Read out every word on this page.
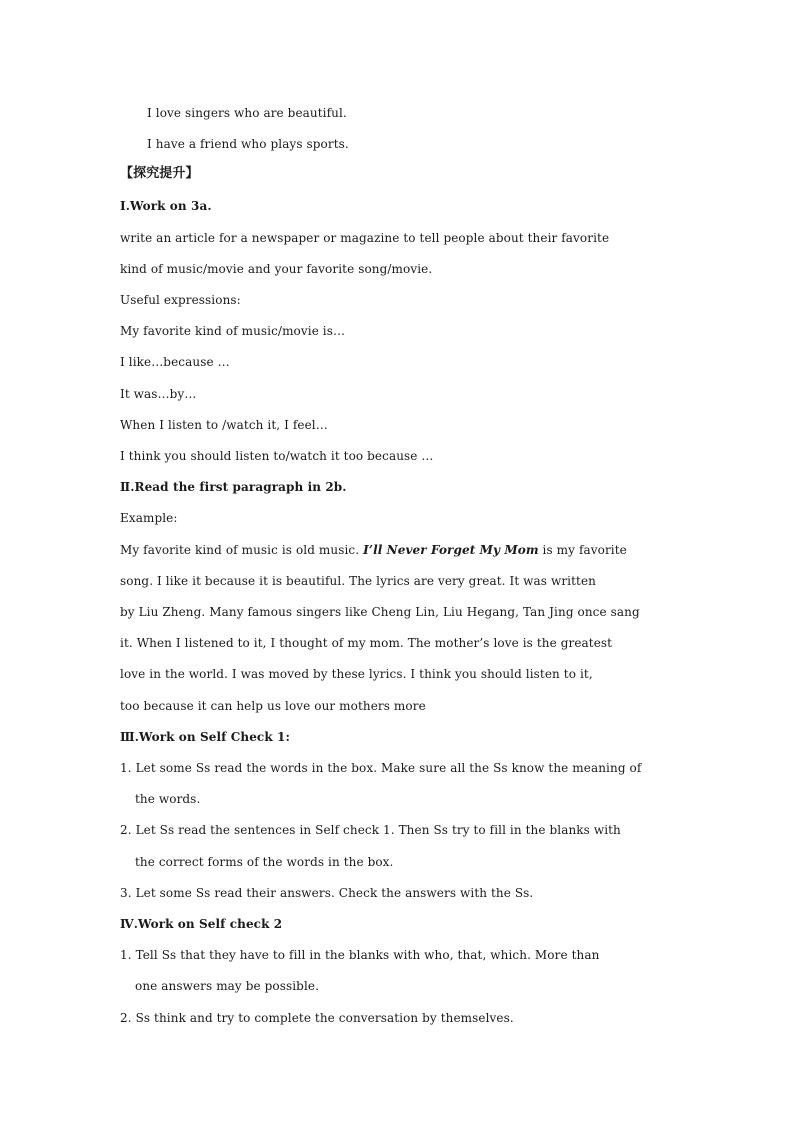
I love singers who are beautiful.
I have a friend who plays sports.
【探究提升】
Ⅰ.Work on 3a.
write an article for a newspaper or magazine to tell people about their favorite
kind of music/movie and your favorite song/movie.
Useful expressions:
My favorite kind of music/movie is…
I like…because …
It was…by…
When I listen to /watch it, I feel…
I think you should listen to/watch it too because …
Ⅱ.Read the first paragraph in 2b.
Example:
My favorite kind of music is old music. I’ll Never Forget My Mom is my favorite
song. I like it because it is beautiful. The lyrics are very great. It was written
by Liu Zheng. Many famous singers like Cheng Lin, Liu Hegang, Tan Jing once sang
it. When I listened to it, I thought of my mom. The mother’s love is the greatest
love in the world. I was moved by these lyrics. I think you should listen to it,
too because it can help us love our mothers more
Ⅲ.Work on Self Check 1:
1. Let some Ss read the words in the box. Make sure all the Ss know the meaning of
the words.
2. Let Ss read the sentences in Self check 1. Then Ss try to fill in the blanks with
the correct forms of the words in the box.
3. Let some Ss read their answers. Check the answers with the Ss.
Ⅳ.Work on Self check 2
1. Tell Ss that they have to fill in the blanks with who, that, which. More than
one answers may be possible.
2. Ss think and try to complete the conversation by themselves.
